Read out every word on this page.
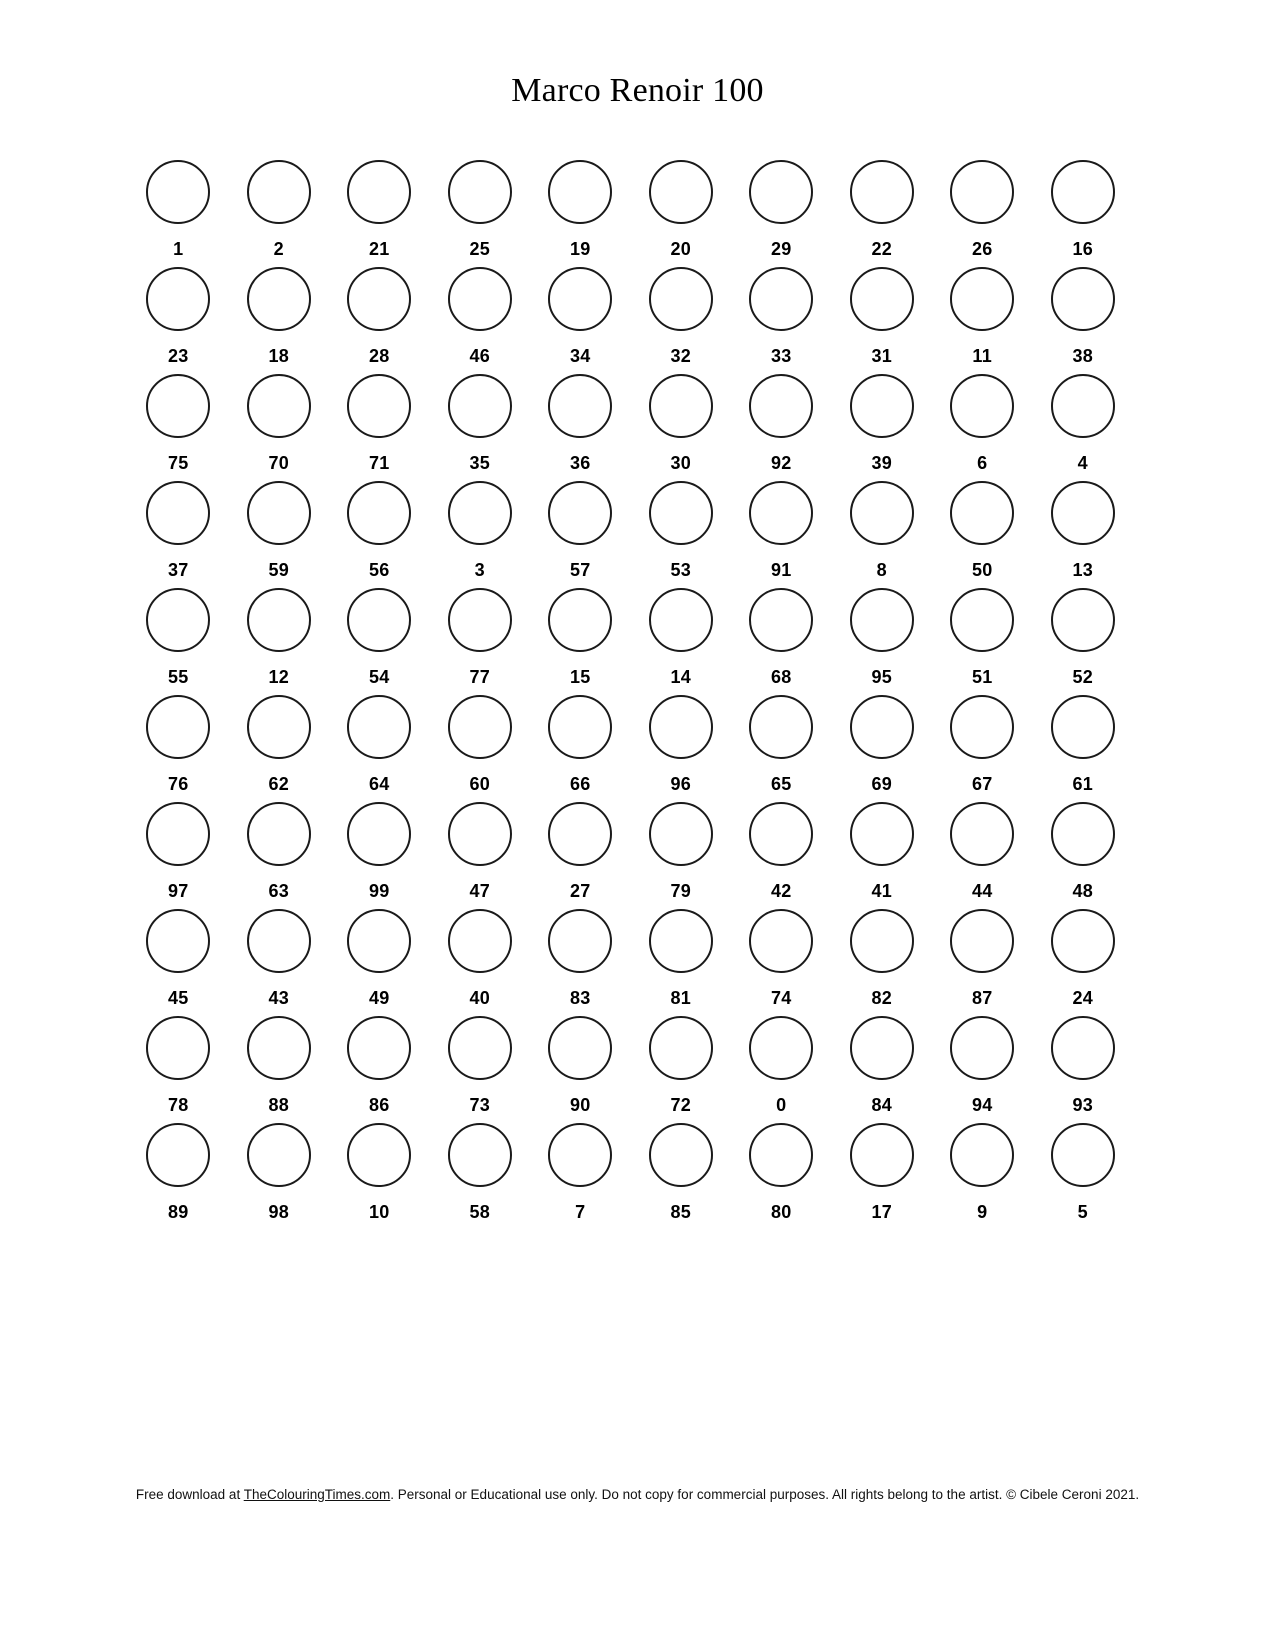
Marco Renoir 100
1	2	21	25	19	20	29	22	26	16
23	18	28	46	34	32	33	31	11	38
75	70	71	35	36	30	92	39	6	4
37	59	56	3	57	53	91	8	50	13
55	12	54	77	15	14	68	95	51	52
76	62	64	60	66	96	65	69	67	61
97	63	99	47	27	79	42	41	44	48
45	43	49	40	83	81	74	82	87	24
78	88	86	73	90	72	0	84	94	93
89	98	10	58	7	85	80	17	9	5
Free download at TheColouringTimes.com. Personal or Educational use only. Do not copy for commercial purposes. All rights belong to the artist. © Cibele Ceroni 2021.
